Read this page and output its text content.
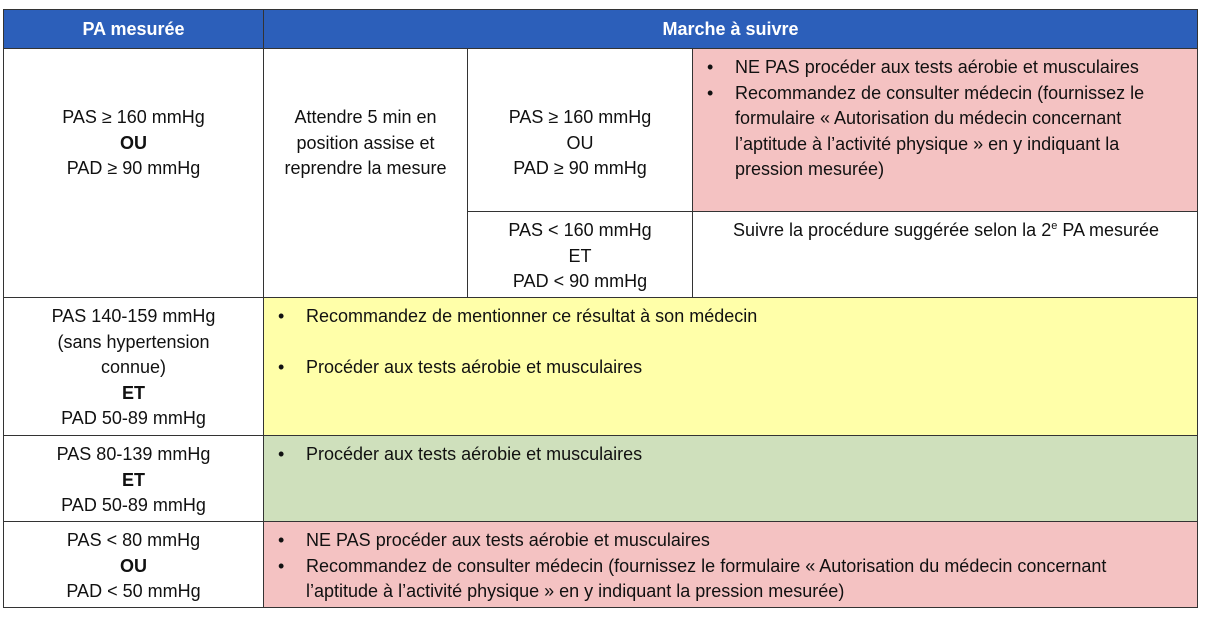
PA mesurée	Marche à suivre
PAS ≥ 160 mmHg
OU
PAD ≥ 90 mmHg
Attendre 5 min en position assise et reprendre la mesure
PAS ≥ 160 mmHg
OU
PAD ≥ 90 mmHg
• NE PAS procéder aux tests aérobie et musculaires
• Recommandez de consulter médecin (fournissez le formulaire « Autorisation du médecin concernant l’aptitude à l’activité physique » en y indiquant la pression mesurée)
PAS < 160 mmHg
ET
PAD < 90 mmHg
Suivre la procédure suggérée selon la 2e PA mesurée
PAS 140-159 mmHg
(sans hypertension connue)
ET
PAD 50-89 mmHg
• Recommandez de mentionner ce résultat à son médecin
• Procéder aux tests aérobie et musculaires
PAS 80-139 mmHg
ET
PAD 50-89 mmHg
• Procéder aux tests aérobie et musculaires
PAS < 80 mmHg
OU
PAD < 50 mmHg
• NE PAS procéder aux tests aérobie et musculaires
• Recommandez de consulter médecin (fournissez le formulaire « Autorisation du médecin concernant l’aptitude à l’activité physique » en y indiquant la pression mesurée)
